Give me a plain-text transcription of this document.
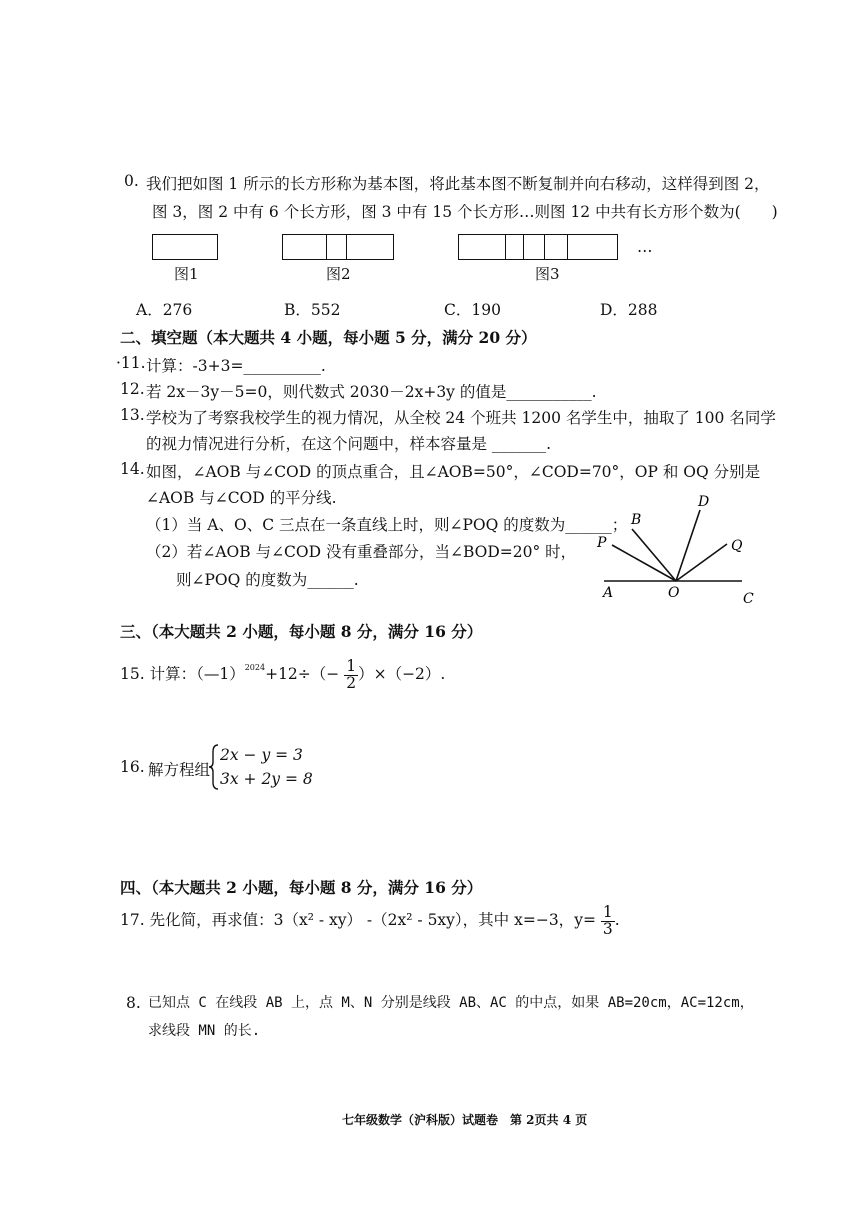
0. 我们把如图 1 所示的长方形称为基本图，将此基本图不断复制并向右移动，这样得到图 2，
图 3，图 2 中有 6 个长方形，图 3 中有 15 个长方形…则图 12 中共有长方形个数为(　　)
图1	图2	图3
…
A．276	B．552	C．190	D．288
二、填空题（本大题共 4 小题，每小题 5 分，满分 20 分）
·11. 计算：-3+3=__________.
12. 若 2x－3y－5=0，则代数式 2030－2x+3y 的值是___________.
13. 学校为了考察我校学生的视力情况，从全校 24 个班共 1200 名学生中，抽取了 100 名同学
的视力情况进行分析，在这个问题中，样本容量是 _______.
14. 如图，∠AOB 与∠COD 的顶点重合，且∠AOB=50°，∠COD=70°，OP 和 OQ 分别是
∠AOB 与∠COD 的平分线.
（1）当 A、O、C 三点在一条直线上时，则∠POQ 的度数为______；
（2）若∠AOB 与∠COD 没有重叠部分，当∠BOD=20° 时，
则∠POQ 的度数为______.
A	O	C
P
B
D
Q
三、（本大题共 2 小题，每小题 8 分，满分 16 分）
15. 计算：（—1）$^{2024}$+12÷（− $\frac{1}{2} )\times(-2)$.
16. 解方程组
2x − y = 3
3x + 2y = 8
四、（本大题共 2 小题，每小题 8 分，满分 16 分）
17. 先化简，再求值：3（x² - xy） -（2x² - 5xy），其中 x=−3，$y= \frac{1}{3}$ .
8. 已知点 C 在线段 AB 上，点 M、N 分别是线段 AB、AC 的中点，如果 AB=20cm，AC=12cm，
求线段 MN 的长.
七年级数学（沪科版）试题卷　第 2页共 4 页
